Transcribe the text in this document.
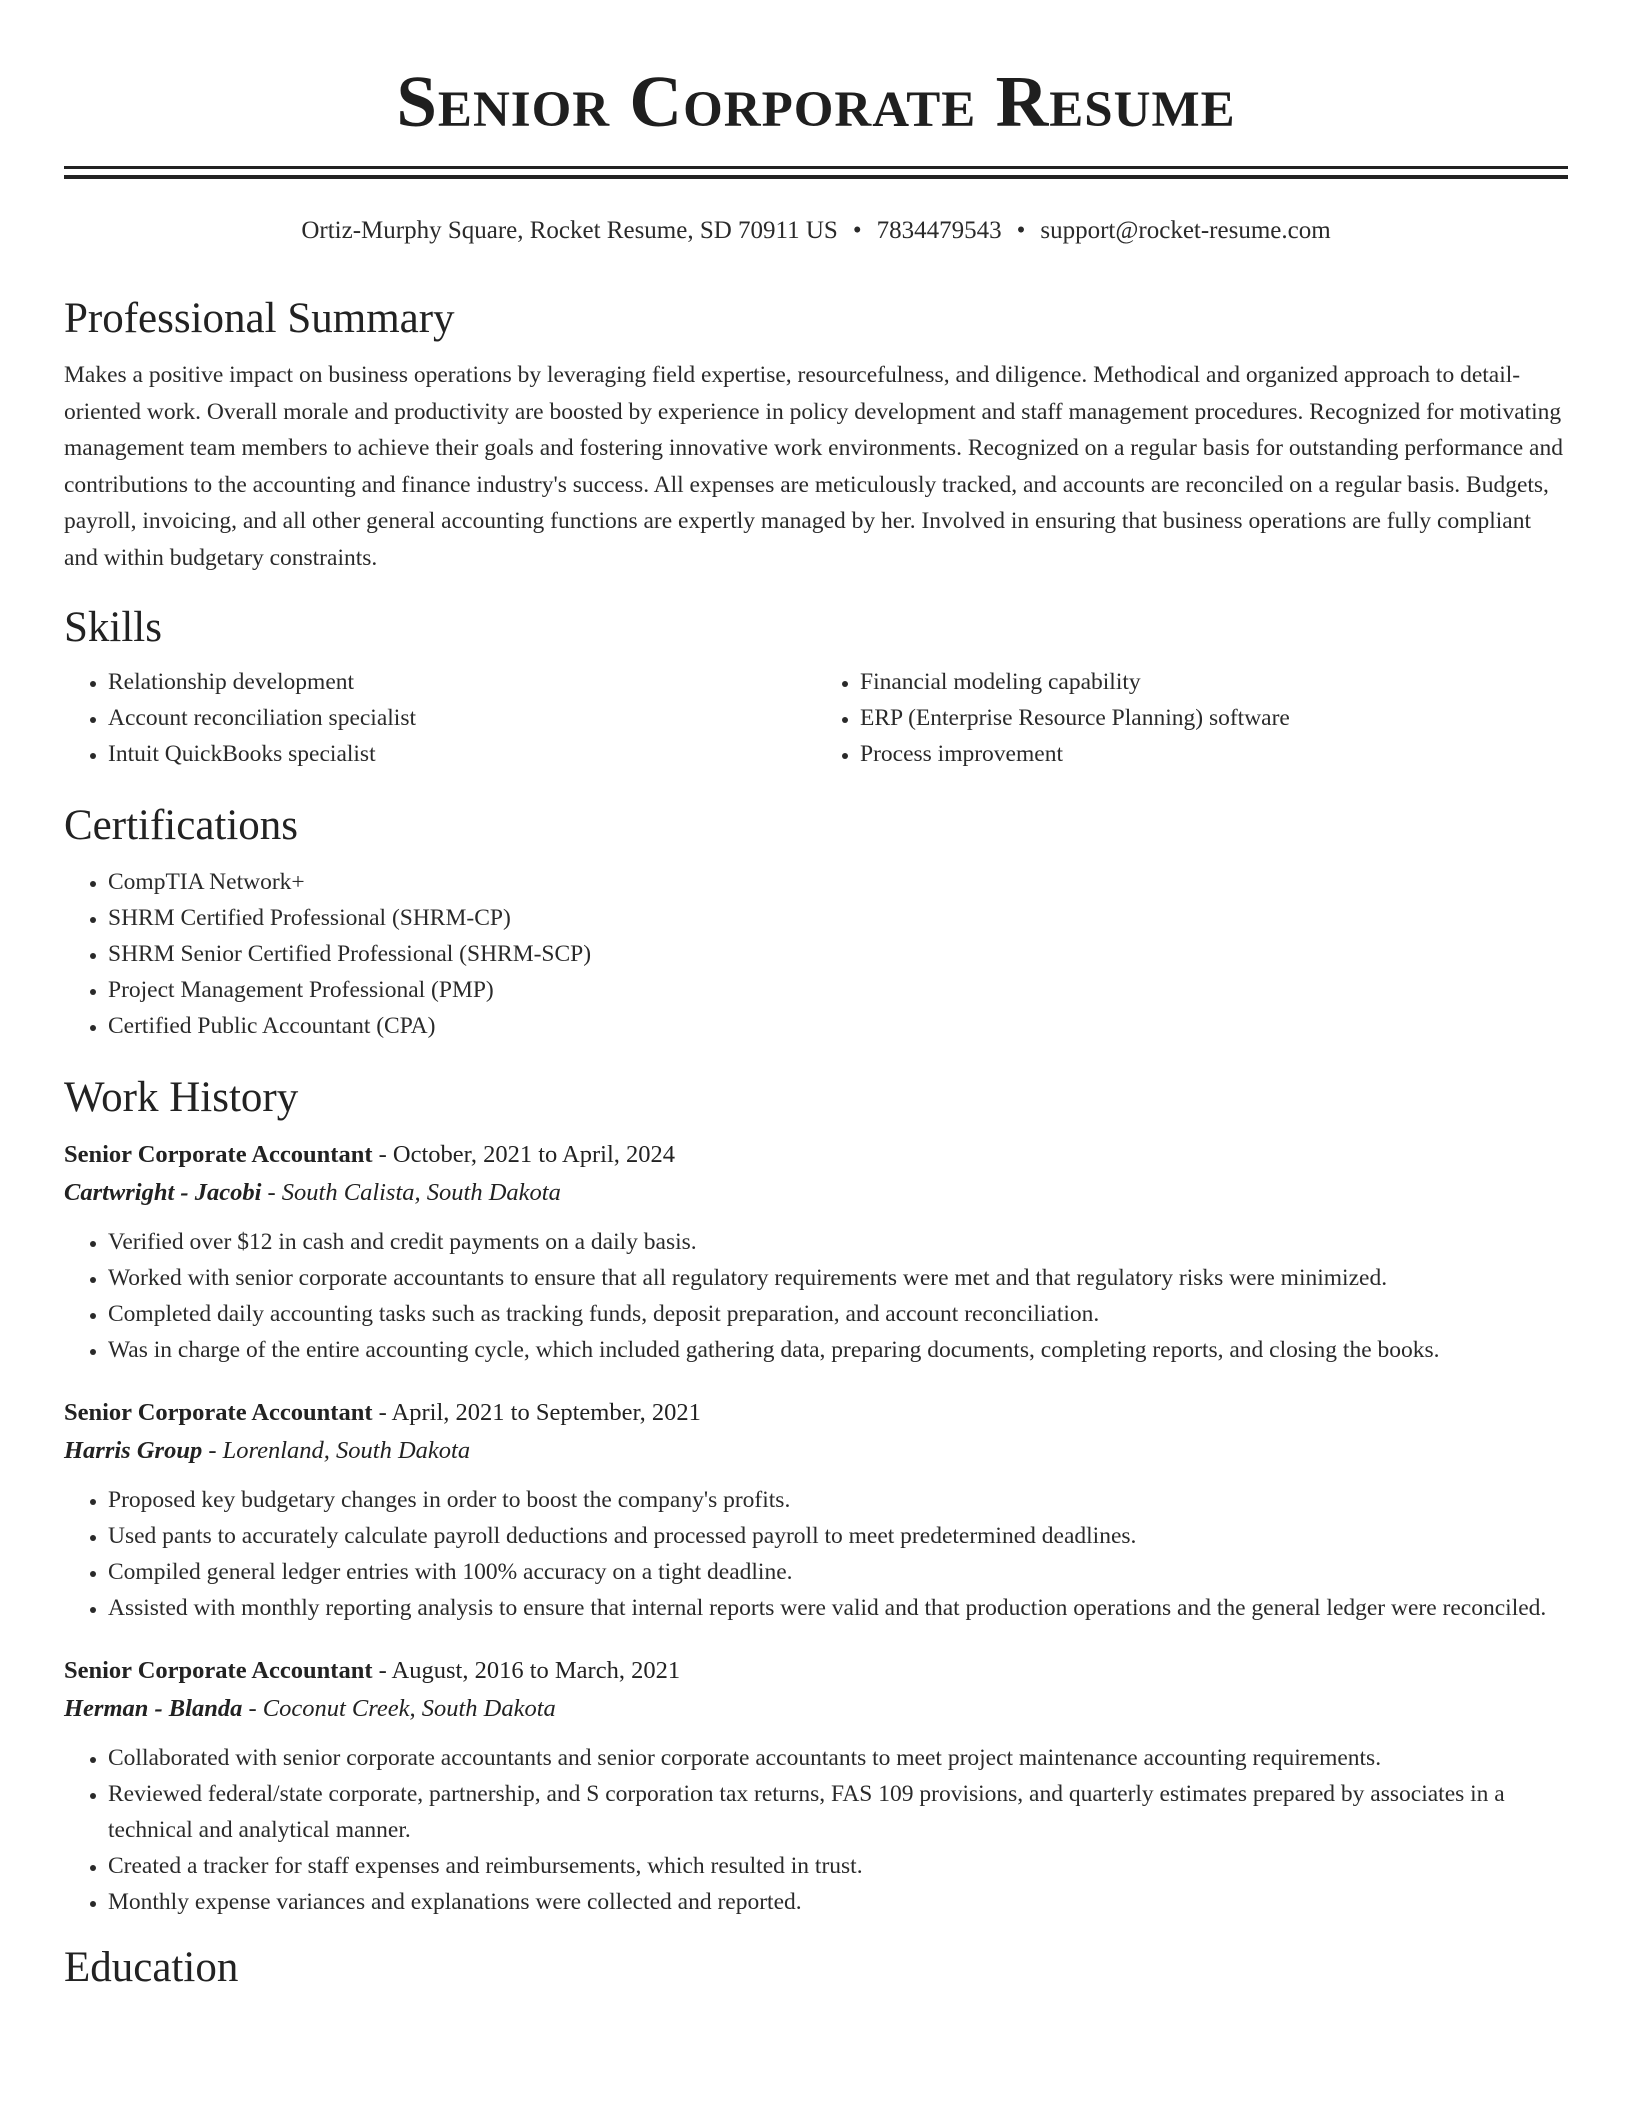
Senior Corporate Resume
Ortiz-Murphy Square, Rocket Resume, SD 70911 US • 7834479543 • support@rocket-resume.com
Professional Summary

Makes a positive impact on business operations by leveraging field expertise, resourcefulness, and diligence. Methodical and organized approach to detail-oriented work. Overall morale and productivity are boosted by experience in policy development and staff management procedures. Recognized for motivating management team members to achieve their goals and fostering innovative work environments. Recognized on a regular basis for outstanding performance and contributions to the accounting and finance industry's success. All expenses are meticulously tracked, and accounts are reconciled on a regular basis. Budgets, payroll, invoicing, and all other general accounting functions are expertly managed by her. Involved in ensuring that business operations are fully compliant and within budgetary constraints.

Skills
• Relationship development
• Account reconciliation specialist
• Intuit QuickBooks specialist
• Financial modeling capability
• ERP (Enterprise Resource Planning) software
• Process improvement
Certifications
• CompTIA Network+
• SHRM Certified Professional (SHRM-CP)
• SHRM Senior Certified Professional (SHRM-SCP)
• Project Management Professional (PMP)
• Certified Public Accountant (CPA)
Work History
Senior Corporate Accountant - October, 2021 to April, 2024
Cartwright - Jacobi - South Calista, South Dakota
• Verified over $12 in cash and credit payments on a daily basis.
• Worked with senior corporate accountants to ensure that all regulatory requirements were met and that regulatory risks were minimized.
• Completed daily accounting tasks such as tracking funds, deposit preparation, and account reconciliation.
• Was in charge of the entire accounting cycle, which included gathering data, preparing documents, completing reports, and closing the books.
Senior Corporate Accountant - April, 2021 to September, 2021
Harris Group - Lorenland, South Dakota
• Proposed key budgetary changes in order to boost the company's profits.
• Used pants to accurately calculate payroll deductions and processed payroll to meet predetermined deadlines.
• Compiled general ledger entries with 100% accuracy on a tight deadline.
• Assisted with monthly reporting analysis to ensure that internal reports were valid and that production operations and the general ledger were reconciled.
Senior Corporate Accountant - August, 2016 to March, 2021
Herman - Blanda - Coconut Creek, South Dakota
• Collaborated with senior corporate accountants and senior corporate accountants to meet project maintenance accounting requirements.
• Reviewed federal/state corporate, partnership, and S corporation tax returns, FAS 109 provisions, and quarterly estimates prepared by associates in a technical and analytical manner.
• Created a tracker for staff expenses and reimbursements, which resulted in trust.
• Monthly expense variances and explanations were collected and reported.
Education
